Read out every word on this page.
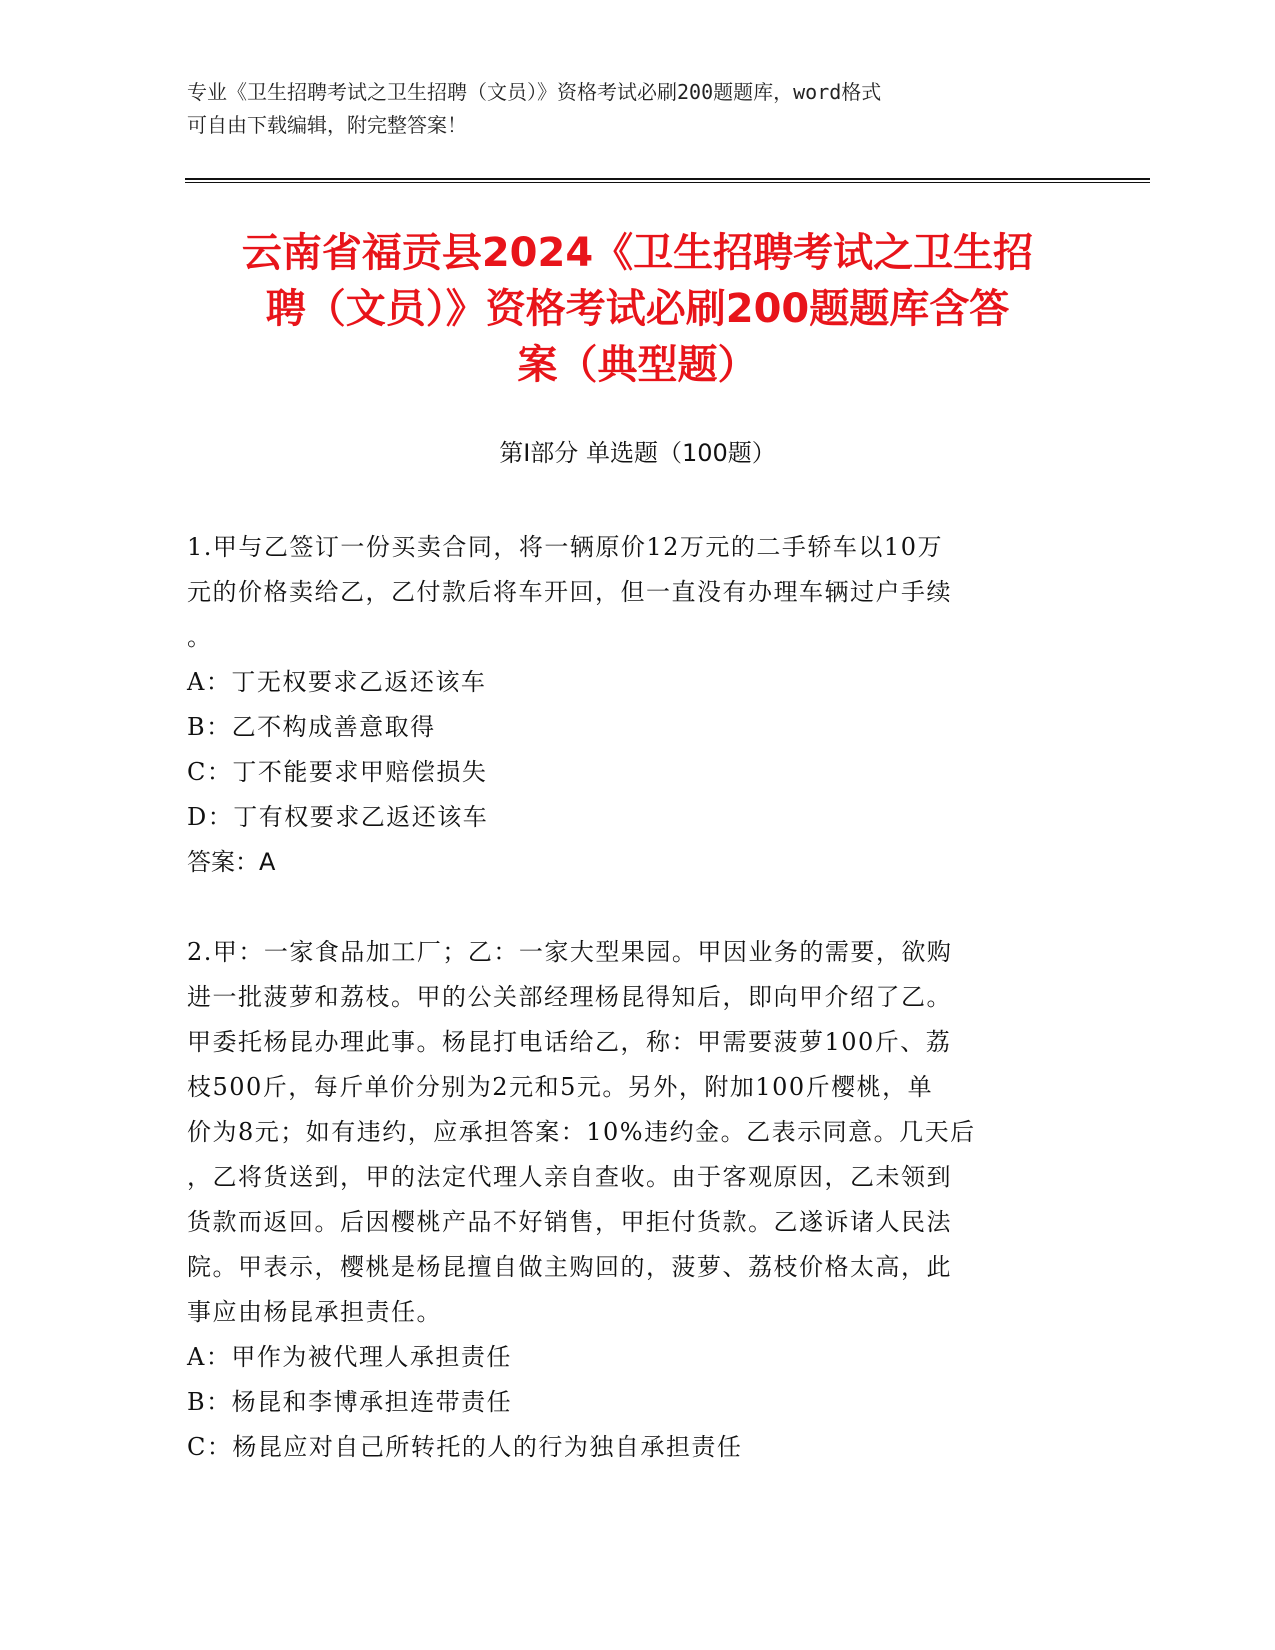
专业《卫生招聘考试之卫生招聘（文员）》资格考试必刷200题题库，word格式
可自由下载编辑，附完整答案！
云南省福贡县2024《卫生招聘考试之卫生招
聘（文员）》资格考试必刷200题题库含答
案（典型题）
第Ⅰ部分 单选题（100题）

1.甲与乙签订一份买卖合同，将一辆原价12万元的二手轿车以10万

元的价格卖给乙，乙付款后将车开回，但一直没有办理车辆过户手续

。

A：丁无权要求乙返还该车

B：乙不构成善意取得

C：丁不能要求甲赔偿损失

D：丁有权要求乙返还该车

答案：A

2.甲：一家食品加工厂；乙：一家大型果园。甲因业务的需要，欲购

进一批菠萝和荔枝。甲的公关部经理杨昆得知后，即向甲介绍了乙。

甲委托杨昆办理此事。杨昆打电话给乙，称：甲需要菠萝100斤、荔

枝500斤，每斤单价分别为2元和5元。另外，附加100斤樱桃，单

价为8元；如有违约，应承担答案：10%违约金。乙表示同意。几天后

，乙将货送到，甲的法定代理人亲自查收。由于客观原因，乙未领到

货款而返回。后因樱桃产品不好销售，甲拒付货款。乙遂诉诸人民法

院。甲表示，樱桃是杨昆擅自做主购回的，菠萝、荔枝价格太高，此

事应由杨昆承担责任。

A：甲作为被代理人承担责任

B：杨昆和李博承担连带责任

C：杨昆应对自己所转托的人的行为独自承担责任
